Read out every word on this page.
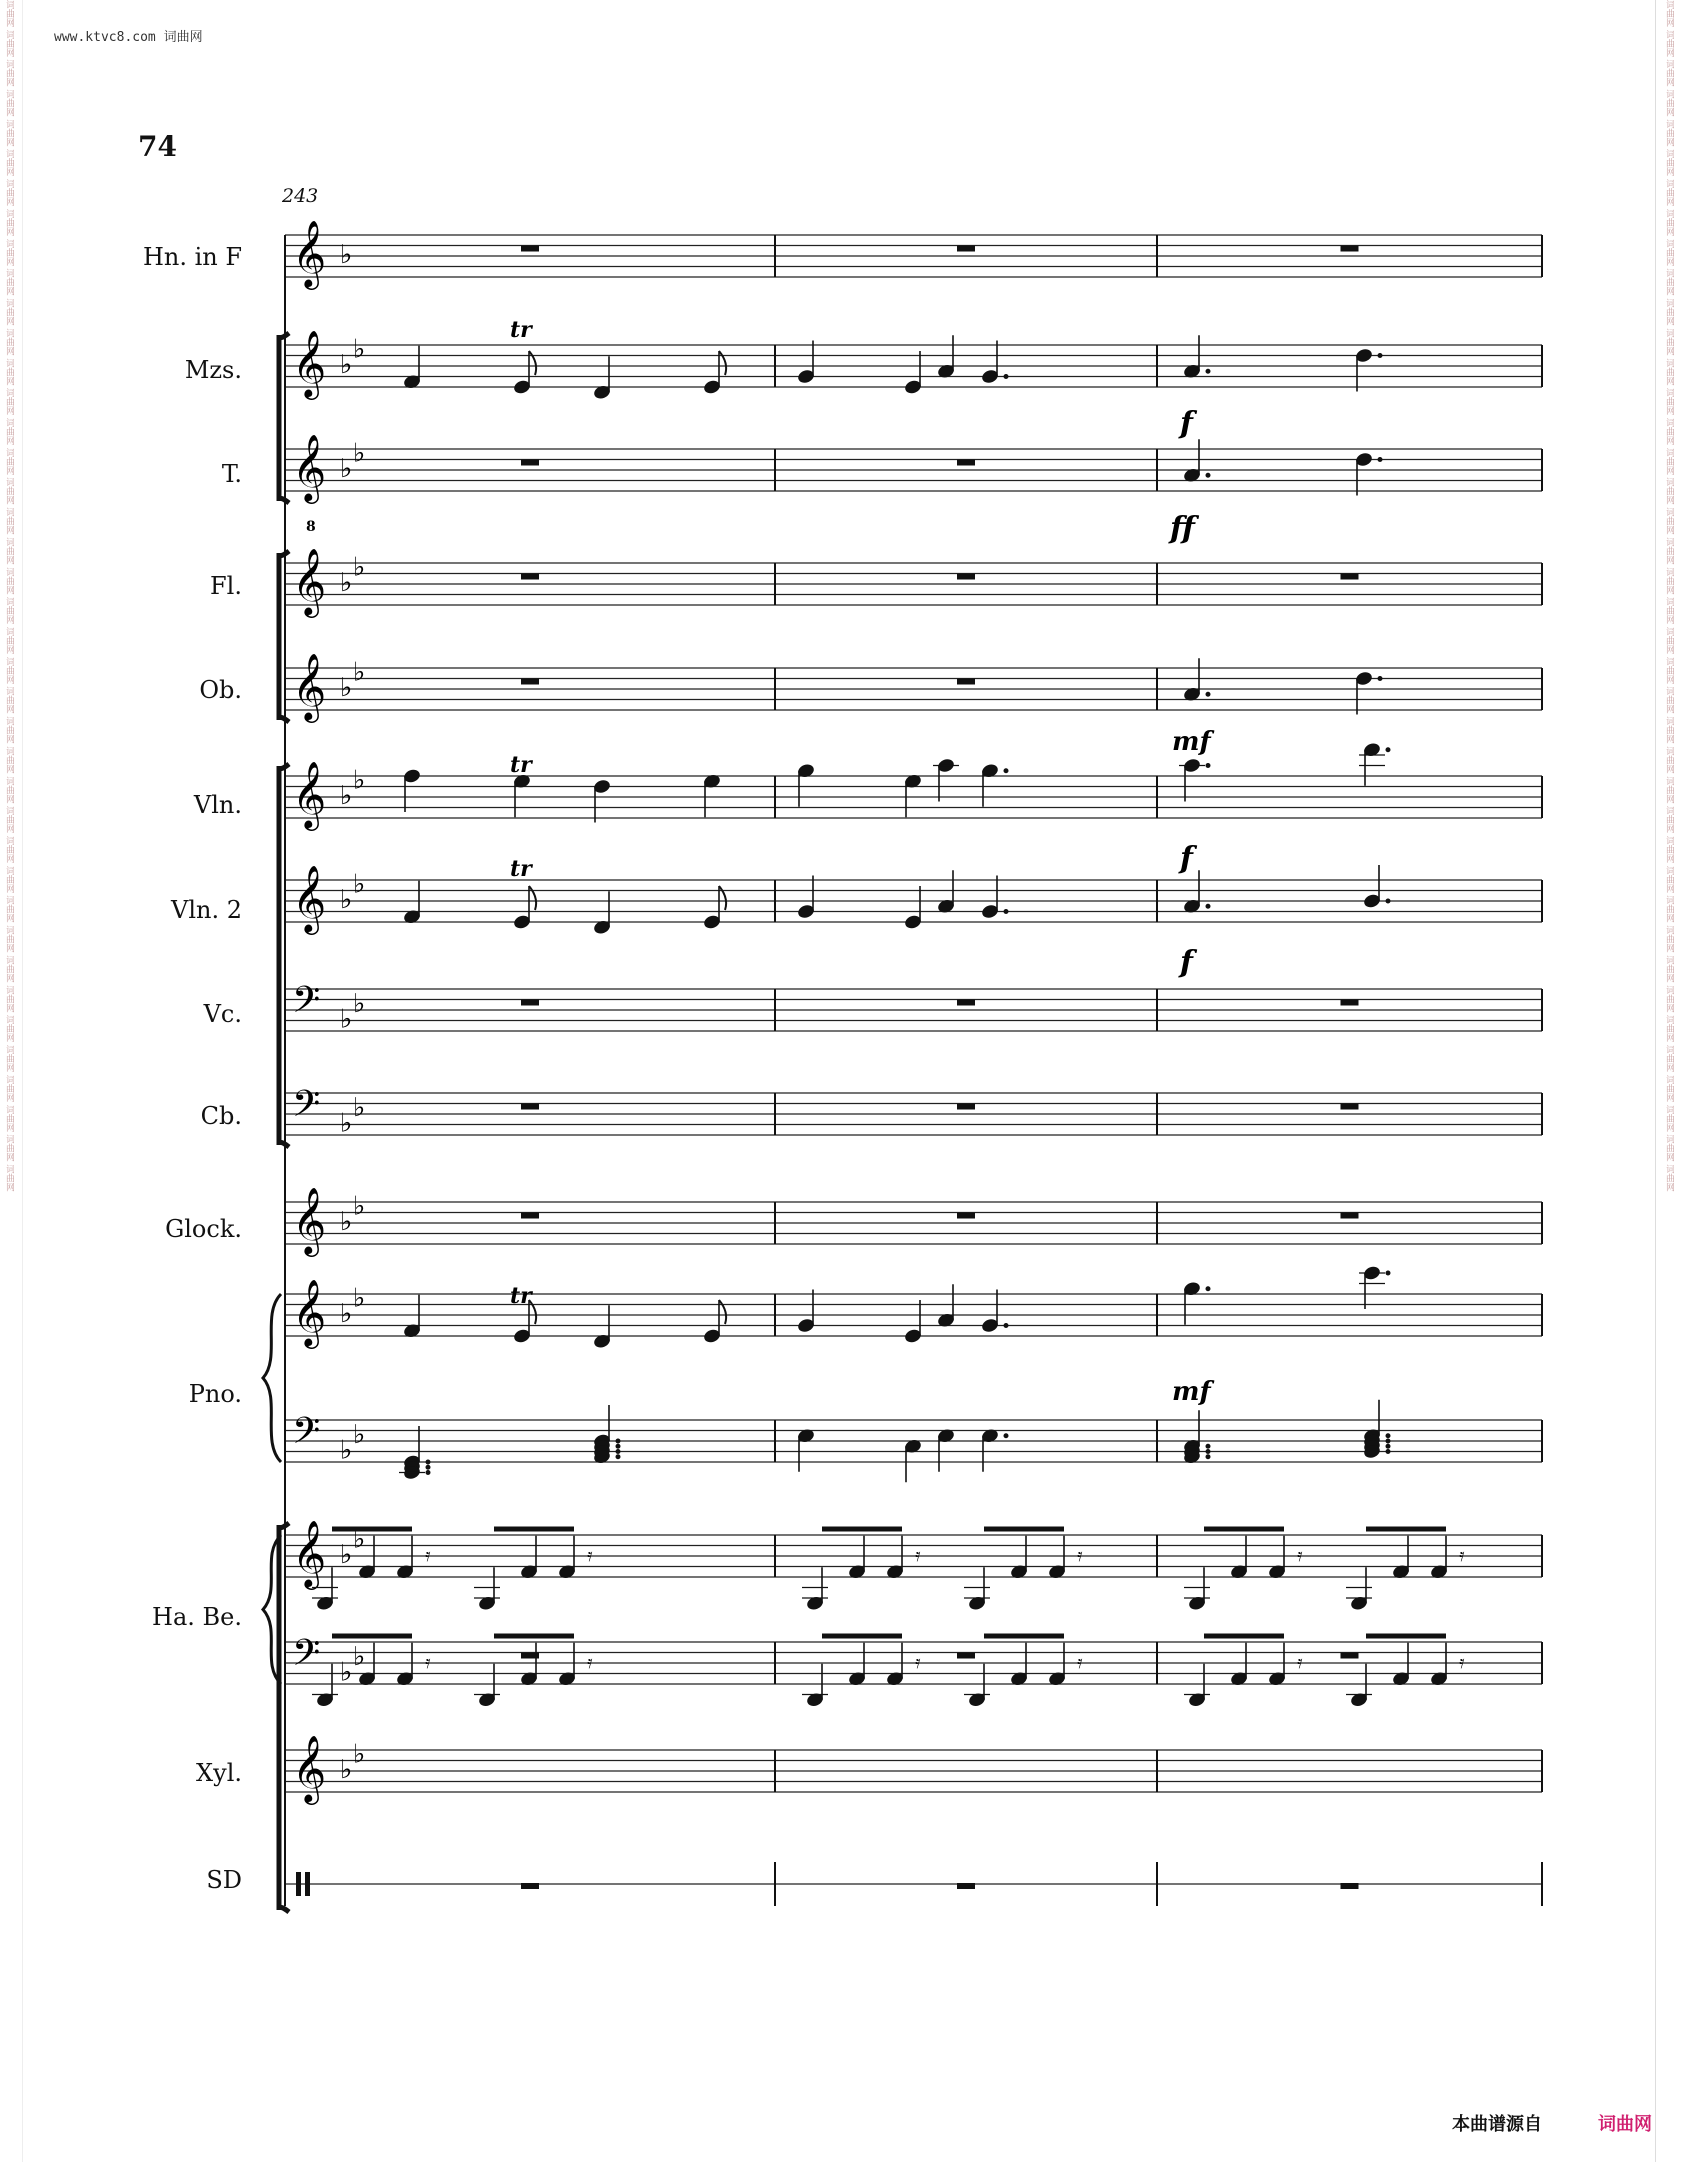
词曲网 词曲网 词曲网 词曲网 词曲网 词曲网 词曲网 词曲网 词曲网 词曲网 词曲网 词曲网 词曲网 词曲网 词曲网 词曲网 词曲网 词曲网 词曲网 词曲网 词曲网 词曲网 词曲网 词曲网 词曲网 词曲网 词曲网 词曲网 词曲网 词曲网 词曲网 词曲网 词曲网 词曲网 词曲网 词曲网 词曲网 词曲网 词曲网 词曲网	词曲网 词曲网 词曲网 词曲网 词曲网 词曲网 词曲网 词曲网 词曲网 词曲网 词曲网 词曲网 词曲网 词曲网 词曲网 词曲网 词曲网 词曲网 词曲网 词曲网 词曲网 词曲网 词曲网 词曲网 词曲网 词曲网 词曲网 词曲网 词曲网 词曲网 词曲网 词曲网 词曲网 词曲网 词曲网 词曲网 词曲网 词曲网 词曲网 词曲网
www.ktvc8.com 词曲网
74
243
Hn. in F
Mzs.
T.
Fl.
Ob.
Vln.
Vln. 2
Vc.
Cb.
Glock.
Pno.
Ha. Be.
Xyl.
SD
𝄞
𝄞
𝄞
𝄞
𝄞
𝄞
𝄞
𝄢
𝄢
𝄞
𝄞
𝄢
𝄞
𝄢
𝄞
♭
♭
♭
♭
♭
♭
♭
♭
♭
♭
♭
♭
♭
♭
♭
♭
♭
♭
♭
♭
♭
♭
♭
♭
♭
♭
♭
♭
♭
𝄿	𝄿	𝄿	𝄿	𝄿	𝄿
𝄿	𝄿	𝄿	𝄿	𝄿	𝄿
tr
tr
tr
tr
f
ff
mf
f
f
mf
8
本曲谱源自	词曲网
